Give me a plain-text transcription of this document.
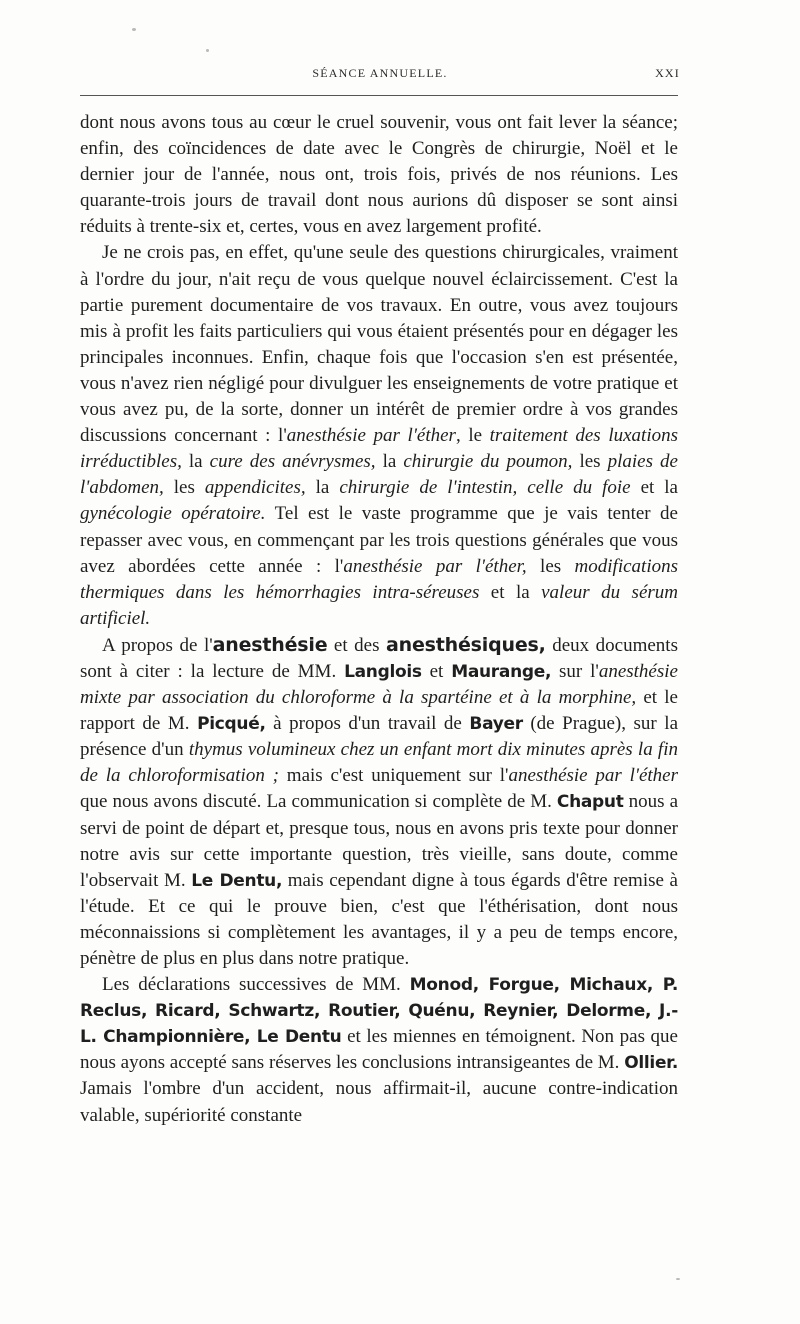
SÉANCE ANNUELLE.	XXI

dont nous avons tous au cœur le cruel souvenir, vous ont fait lever la séance; enfin, des coïncidences de date avec le Congrès de chirurgie, Noël et le dernier jour de l'année, nous ont, trois fois, privés de nos réunions. Les quarante-trois jours de travail dont nous aurions dû disposer se sont ainsi réduits à trente-six et, certes, vous en avez largement profité.

Je ne crois pas, en effet, qu'une seule des questions chirurgicales, vraiment à l'ordre du jour, n'ait reçu de vous quelque nouvel éclaircissement. C'est la partie purement documentaire de vos travaux. En outre, vous avez toujours mis à profit les faits particuliers qui vous étaient présentés pour en dégager les principales inconnues. Enfin, chaque fois que l'occasion s'en est présentée, vous n'avez rien négligé pour divulguer les enseignements de votre pratique et vous avez pu, de la sorte, donner un intérêt de premier ordre à vos grandes discussions concernant : l'anesthésie par l'éther, le traitement des luxations irréductibles, la cure des anévrysmes, la chirurgie du poumon, les plaies de l'abdomen, les appendicites, la chirurgie de l'intestin, celle du foie et la gynécologie opératoire. Tel est le vaste programme que je vais tenter de repasser avec vous, en commençant par les trois questions générales que vous avez abordées cette année : l'anesthésie par l'éther, les modifications thermiques dans les hémorrhagies intra-séreuses et la valeur du sérum artificiel.

A propos de l'anesthésie et des anesthésiques, deux documents sont à citer : la lecture de MM. Langlois et Maurange, sur l'anesthésie mixte par association du chloroforme à la spartéine et à la morphine, et le rapport de M. Picqué, à propos d'un travail de Bayer (de Prague), sur la présence d'un thymus volumineux chez un enfant mort dix minutes après la fin de la chloroformisation ; mais c'est uniquement sur l'anesthésie par l'éther que nous avons discuté. La communication si complète de M. Chaput nous a servi de point de départ et, presque tous, nous en avons pris texte pour donner notre avis sur cette importante question, très vieille, sans doute, comme l'observait M. Le Dentu, mais cependant digne à tous égards d'être remise à l'étude. Et ce qui le prouve bien, c'est que l'éthérisation, dont nous méconnaissions si complètement les avantages, il y a peu de temps encore, pénètre de plus en plus dans notre pratique.

Les déclarations successives de MM. Monod, Forgue, Michaux, P. Reclus, Ricard, Schwartz, Routier, Quénu, Reynier, Delorme, J.-L. Championnière, Le Dentu et les miennes en témoignent. Non pas que nous ayons accepté sans réserves les conclusions intransigeantes de M. Ollier. Jamais l'ombre d'un accident, nous affirmait-il, aucune contre-indication valable, supériorité constante
